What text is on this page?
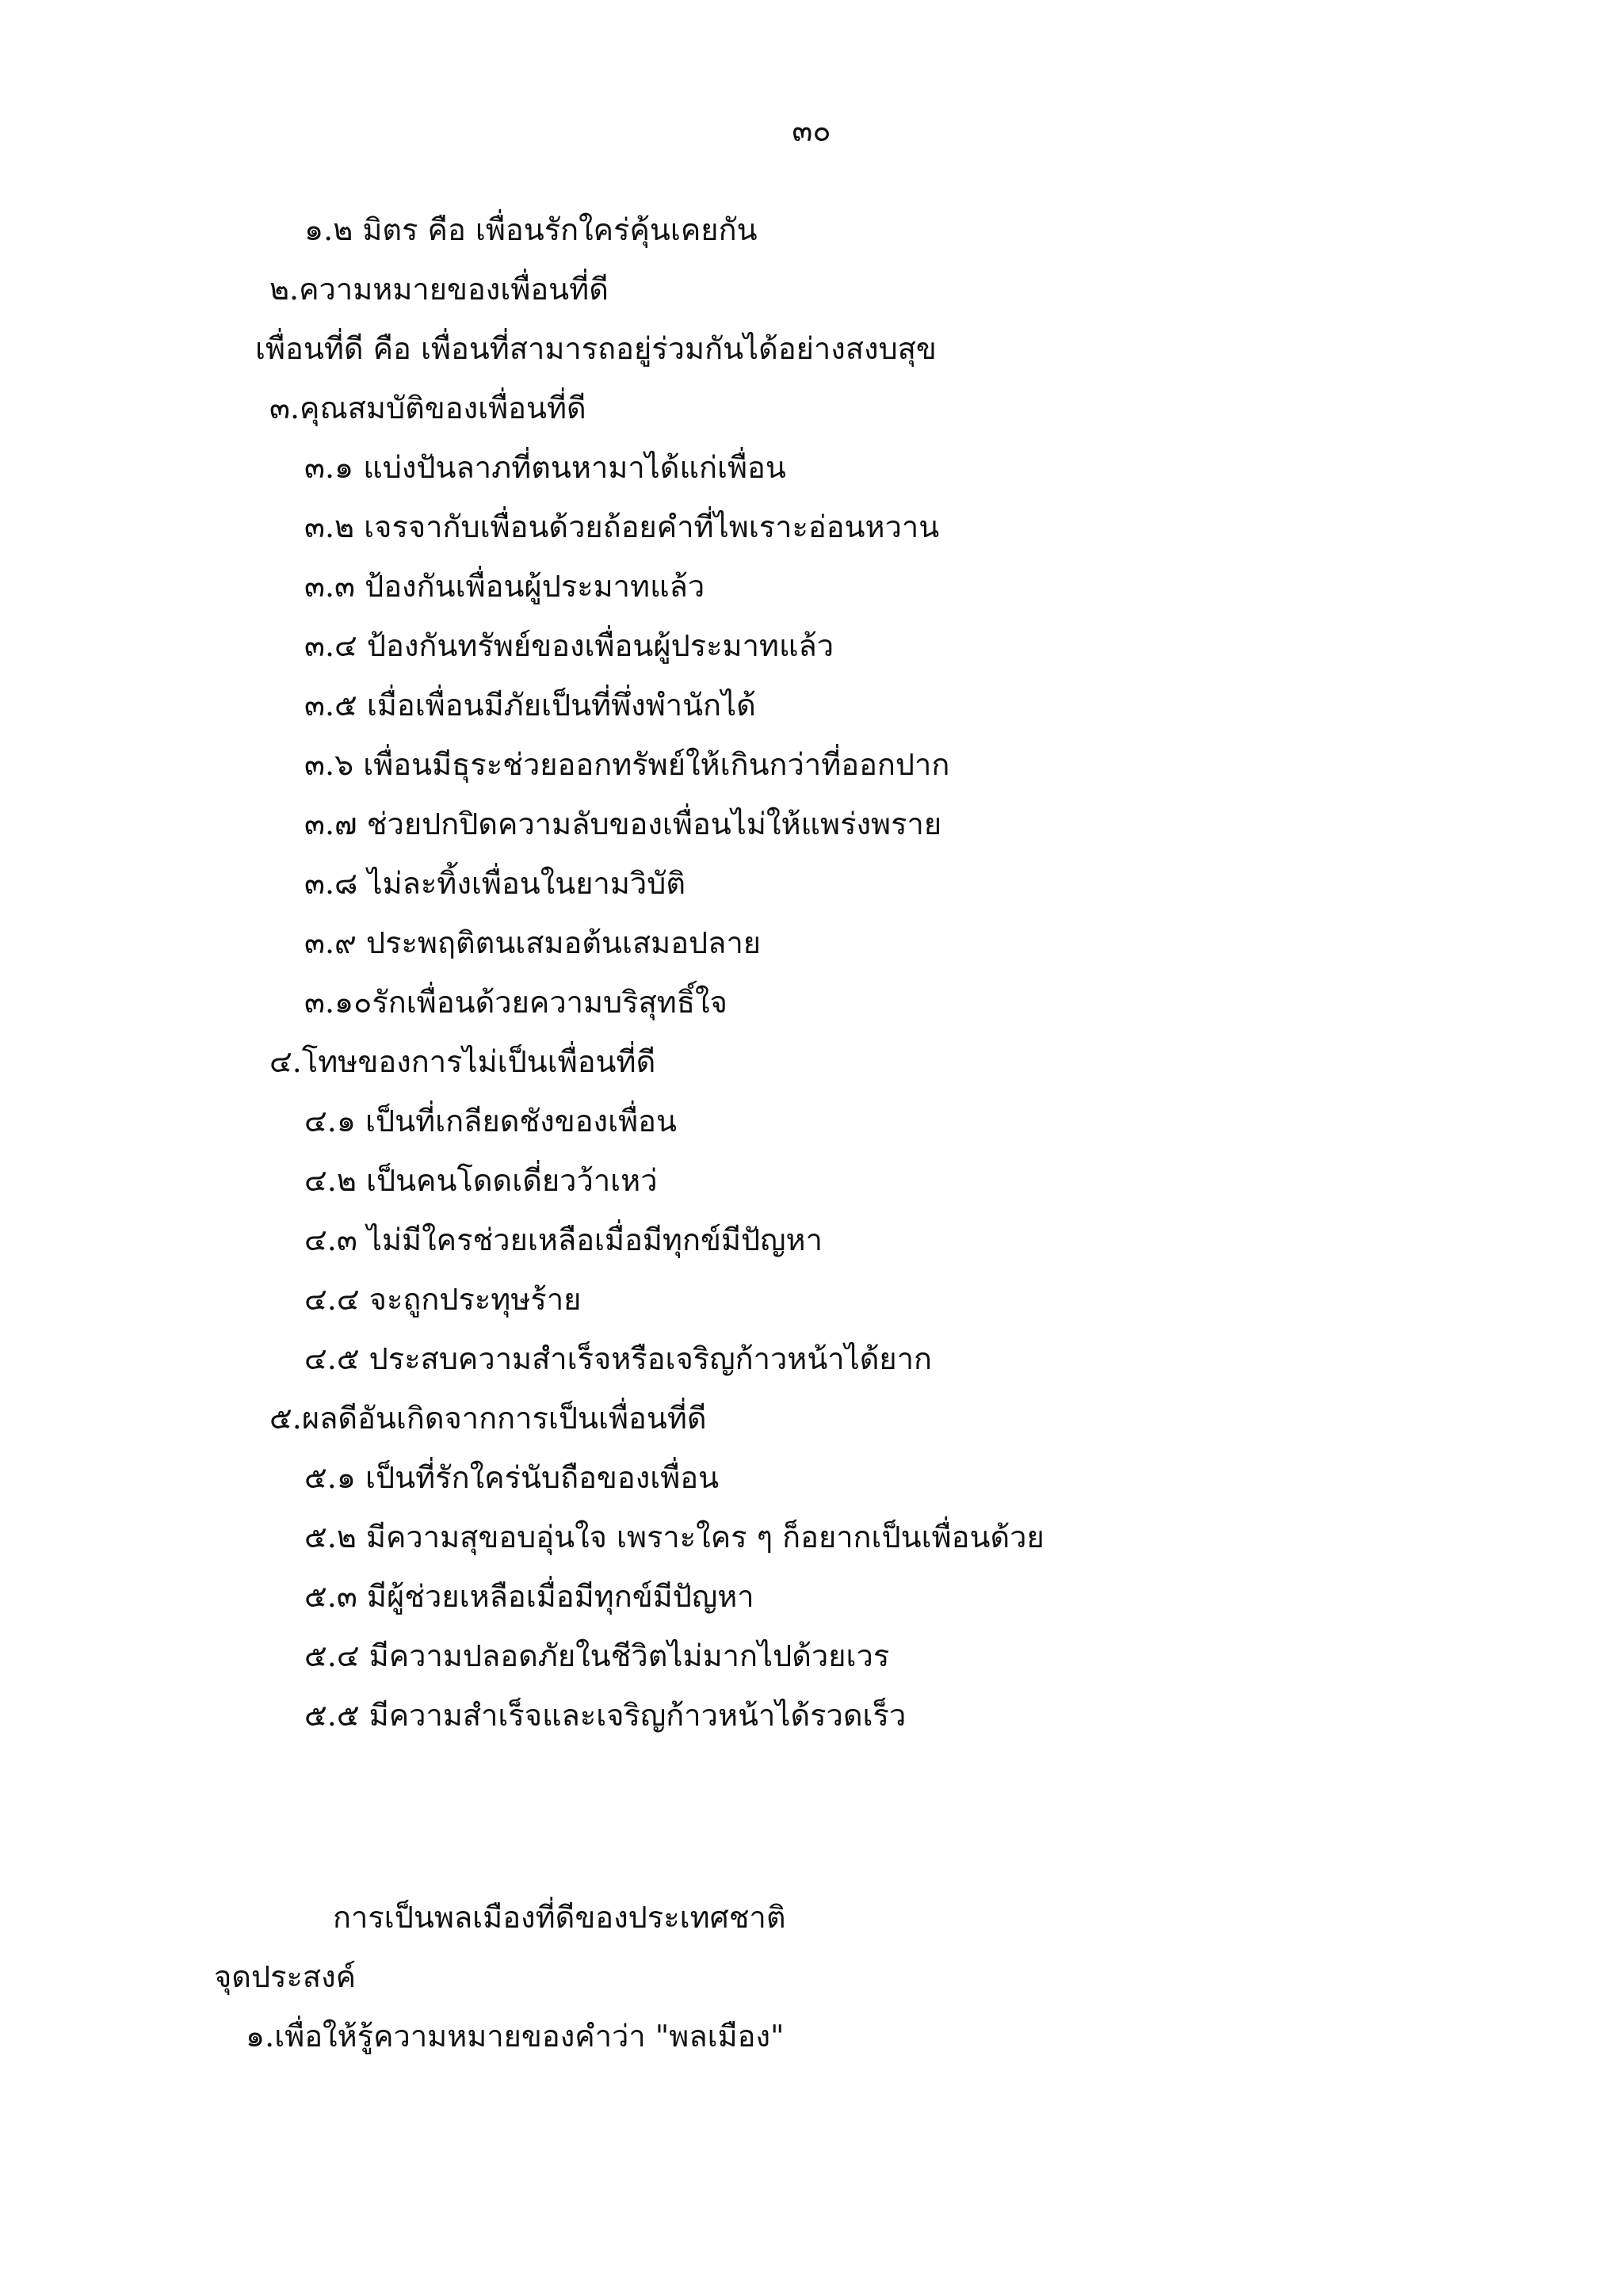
๓๐
๑.๒ มิตร คือ เพื่อนรักใคร่คุ้นเคยกัน
๒.ความหมายของเพื่อนที่ดี
เพื่อนที่ดี คือ เพื่อนที่สามารถอยู่ร่วมกันได้อย่างสงบสุข
๓.คุณสมบัติของเพื่อนที่ดี
๓.๑ แบ่งปันลาภที่ตนหามาได้แก่เพื่อน
๓.๒ เจรจากับเพื่อนด้วยถ้อยคำที่ไพเราะอ่อนหวาน
๓.๓ ป้องกันเพื่อนผู้ประมาทแล้ว
๓.๔ ป้องกันทรัพย์ของเพื่อนผู้ประมาทแล้ว
๓.๕ เมื่อเพื่อนมีภัยเป็นที่พึ่งพำนักได้
๓.๖ เพื่อนมีธุระช่วยออกทรัพย์ให้เกินกว่าที่ออกปาก
๓.๗ ช่วยปกปิดความลับของเพื่อนไม่ให้แพร่งพราย
๓.๘ ไม่ละทิ้งเพื่อนในยามวิบัติ
๓.๙ ประพฤติตนเสมอต้นเสมอปลาย
๓.๑๐รักเพื่อนด้วยความบริสุทธิ์ใจ
๔.โทษของการไม่เป็นเพื่อนที่ดี
๔.๑ เป็นที่เกลียดชังของเพื่อน
๔.๒ เป็นคนโดดเดี่ยวว้าเหว่
๔.๓ ไม่มีใครช่วยเหลือเมื่อมีทุกข์มีปัญหา
๔.๔ จะถูกประทุษร้าย
๔.๕ ประสบความสำเร็จหรือเจริญก้าวหน้าได้ยาก
๕.ผลดีอันเกิดจากการเป็นเพื่อนที่ดี
๕.๑ เป็นที่รักใคร่นับถือของเพื่อน
๕.๒ มีความสุขอบอุ่นใจ เพราะใคร ๆ ก็อยากเป็นเพื่อนด้วย
๕.๓ มีผู้ช่วยเหลือเมื่อมีทุกข์มีปัญหา
๕.๔ มีความปลอดภัยในชีวิตไม่มากไปด้วยเวร
๕.๕ มีความสำเร็จและเจริญก้าวหน้าได้รวดเร็ว
การเป็นพลเมืองที่ดีของประเทศชาติ
จุดประสงค์
๑.เพื่อให้รู้ความหมายของคำว่า "พลเมือง"
